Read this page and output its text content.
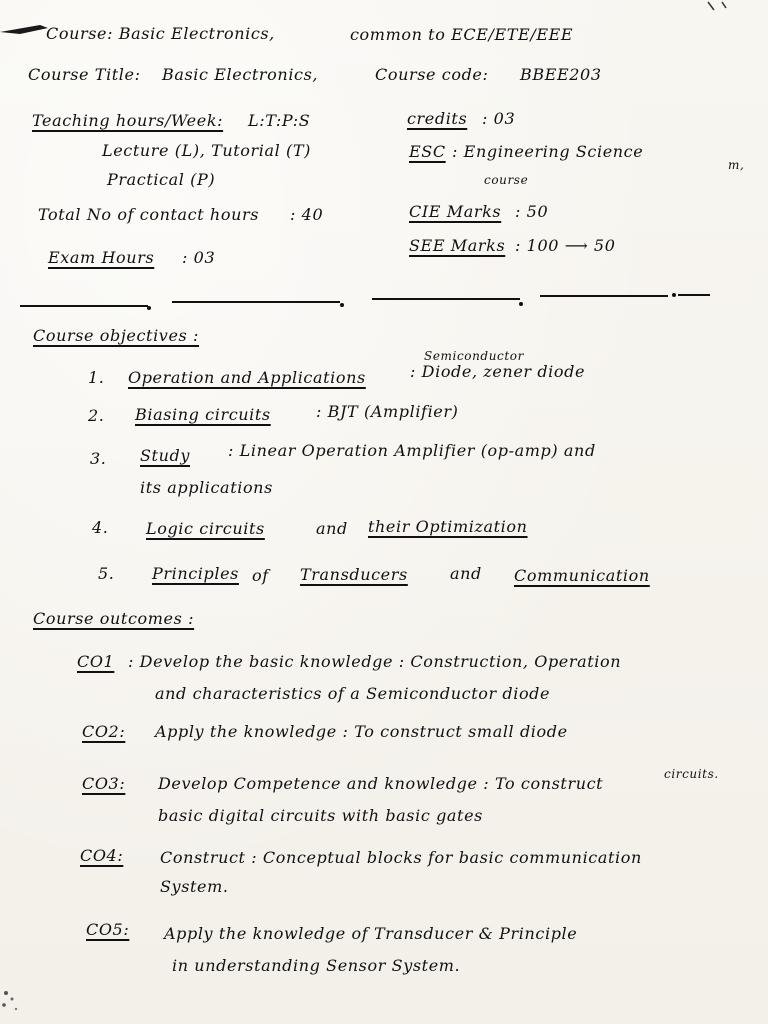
Course: Basic Electronics,	common to ECE/ETE/EEE
Course Title: Basic Electronics,	Course code: BBEE203
Teaching hours/Week: L:T:P:S
Lecture (L), Tutorial (T)
Practical (P)
Total No of contact hours : 40
Exam Hours : 03
credits : 03
ESC : Engineering Science
course
m,
CIE Marks : 50
SEE Marks : 100 ⟶ 50
Course objectives :
Semiconductor
1. Operation and Applications	: Diode, zener diode
2. Biasing circuits	: BJT (Amplifier)
3. Study : Linear Operation Amplifier (op-amp) and
its applications
4. Logic circuits	and their Optimization
5. Principles of Transducers	and Communication
Course outcomes :
CO1 : Develop the basic knowledge : Construction, Operation
and characteristics of a Semiconductor diode
CO2: Apply the knowledge : To construct small diode
circuits.
CO3: Develop Competence and knowledge : To construct
basic digital circuits with basic gates
CO4: Construct : Conceptual blocks for basic communication
System.
CO5: Apply the knowledge of Transducer & Principle
in understanding Sensor System.
